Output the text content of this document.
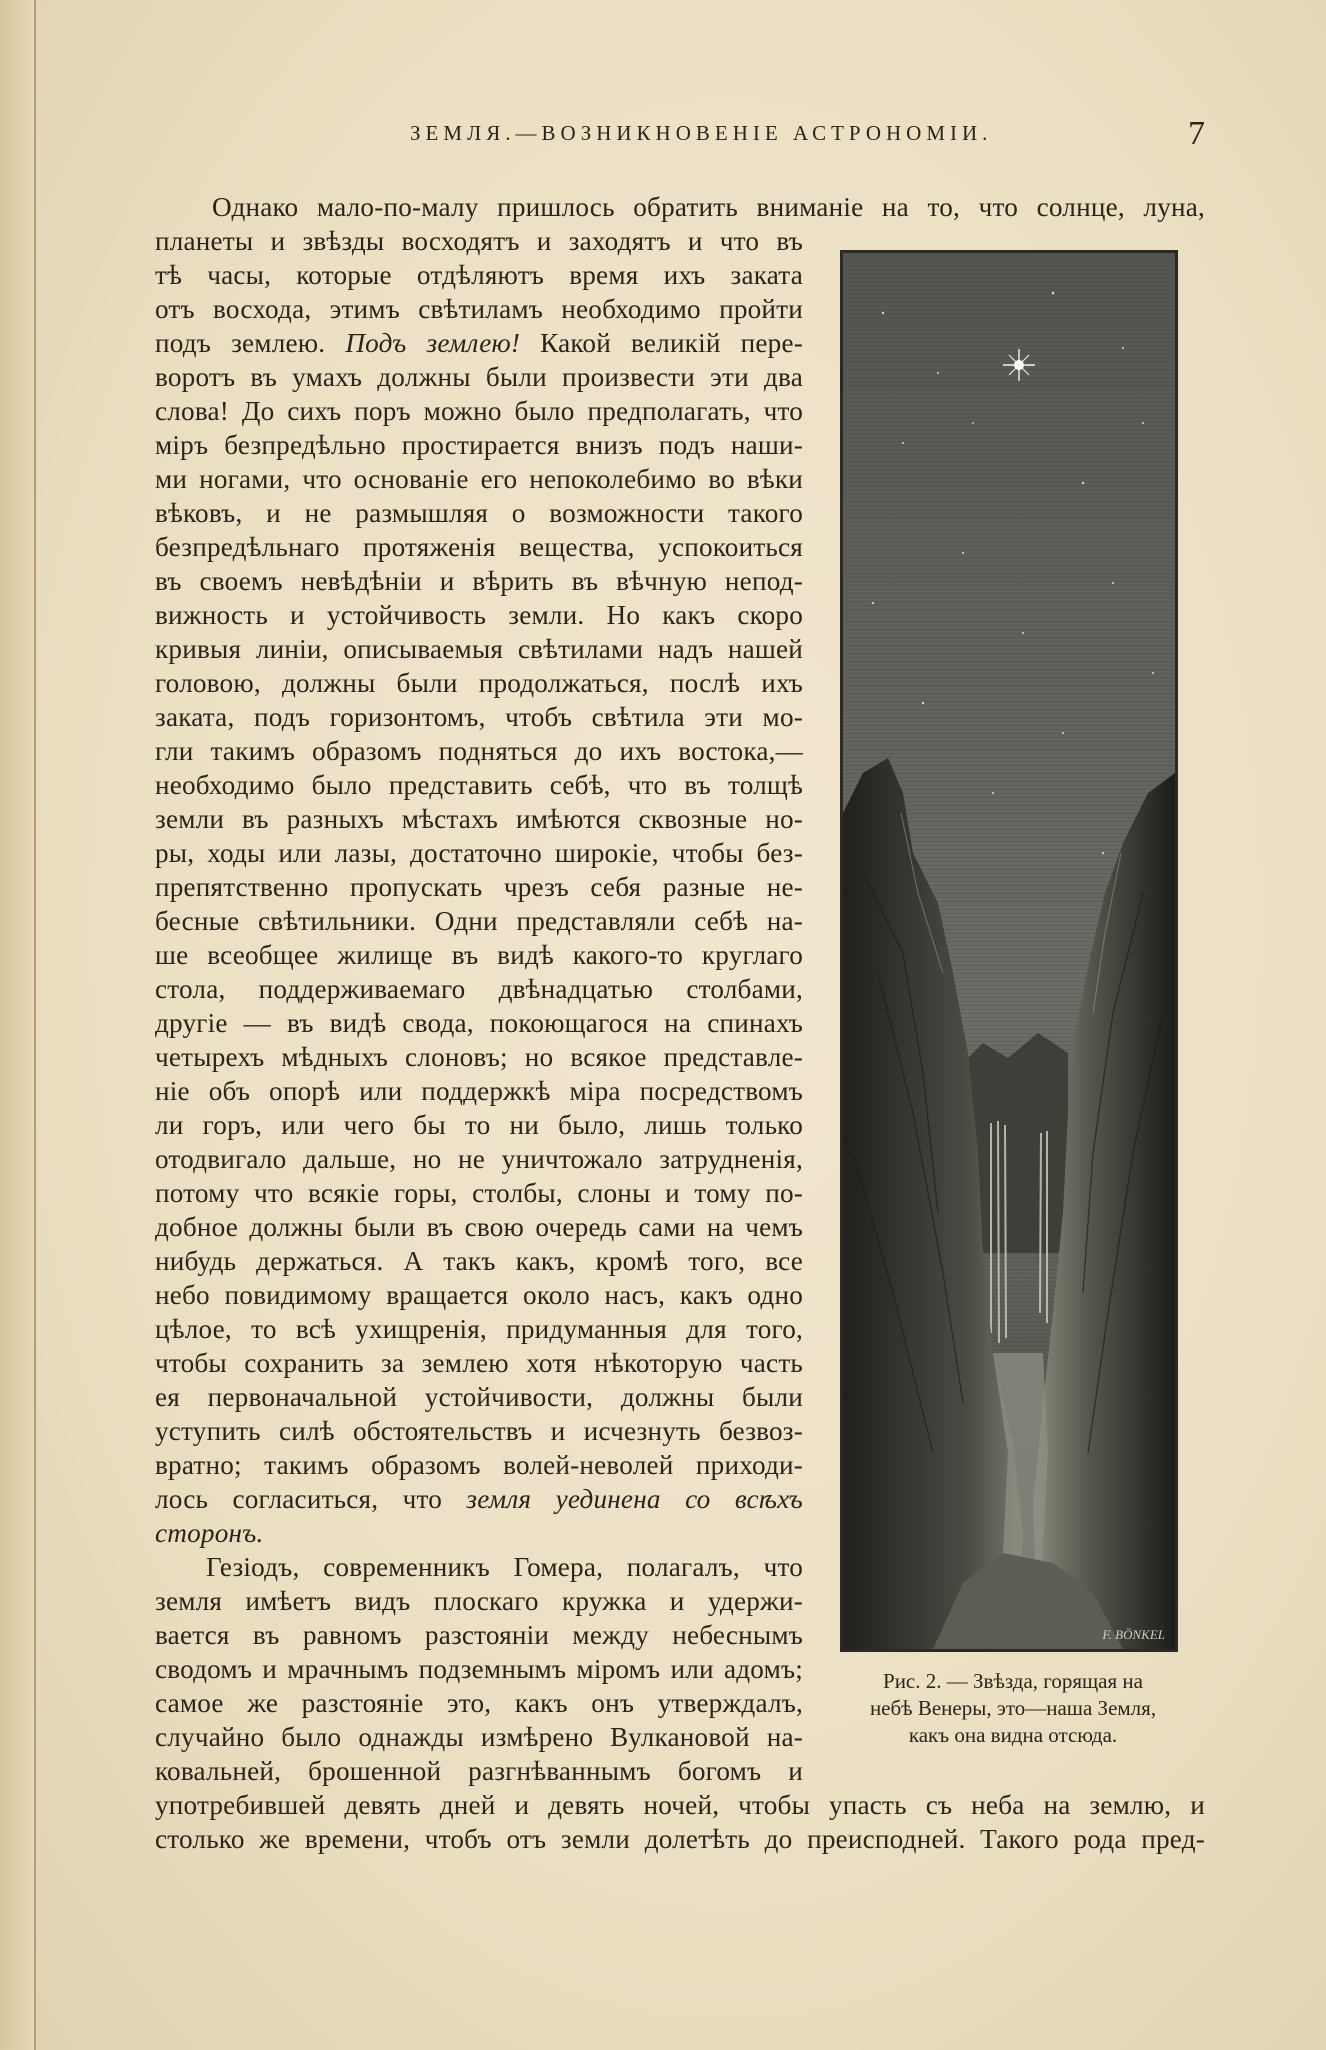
ЗЕМЛЯ.—ВОЗНИКНОВЕНІЕ АСТРОНОМІИ.	7
Однако мало-по-малу пришлось обратить вниманіе на то, что солнце, луна,
планеты и звѣзды восходятъ и заходятъ и что въ
тѣ часы, которые отдѣляютъ время ихъ заката
отъ восхода, этимъ свѣтиламъ необходимо пройти
подъ землею. Подъ землею! Какой великій пере-
воротъ въ умахъ должны были произвести эти два
слова! До сихъ поръ можно было предполагать, что
міръ безпредѣльно простирается внизъ подъ наши-
ми ногами, что основаніе его непоколебимо во вѣки
вѣковъ, и не размышляя о возможности такого
безпредѣльнаго протяженія вещества, успокоиться
въ своемъ невѣдѣніи и вѣрить въ вѣчную непод-
вижность и устойчивость земли. Но какъ скоро
кривыя линіи, описываемыя свѣтилами надъ нашей
головою, должны были продолжаться, послѣ ихъ
заката, подъ горизонтомъ, чтобъ свѣтила эти мо-
гли такимъ образомъ подняться до ихъ востока,—
необходимо было представить себѣ, что въ толщѣ
земли въ разныхъ мѣстахъ имѣются сквозные но-
ры, ходы или лазы, достаточно широкіе, чтобы без-
препятственно пропускать чрезъ себя разные не-
бесные свѣтильники. Одни представляли себѣ на-
ше всеобщее жилище въ видѣ какого-то круглаго
стола, поддерживаемаго двѣнадцатью столбами,
другіе — въ видѣ свода, покоющагося на спинахъ
четырехъ мѣдныхъ слоновъ; но всякое представле-
ніе объ опорѣ или поддержкѣ міра посредствомъ
ли горъ, или чего бы то ни было, лишь только
отодвигало дальше, но не уничтожало затрудненія,
потому что всякіе горы, столбы, слоны и тому по-
добное должны были въ свою очередь сами на чемъ
нибудь держаться. А такъ какъ, кромѣ того, все
небо повидимому вращается около насъ, какъ одно
цѣлое, то всѣ ухищренія, придуманныя для того,
чтобы сохранить за землею хотя нѣкоторую часть
ея первоначальной устойчивости, должны были
уступить силѣ обстоятельствъ и исчезнуть безвоз-
вратно; такимъ образомъ волей-неволей приходи-
лось согласиться, что земля уединена со всѣхъ
сторонъ.
Гезіодъ, современникъ Гомера, полагалъ, что
земля имѣетъ видъ плоскаго кружка и удержи-
вается въ равномъ разстояніи между небеснымъ
сводомъ и мрачнымъ подземнымъ міромъ или адомъ;
самое же разстояніе это, какъ онъ утверждалъ,
случайно было однажды измѣрено Вулкановой на-
ковальней, брошенной разгнѣваннымъ богомъ и
употребившей девять дней и девять ночей, чтобы упасть съ неба на землю, и
столько же времени, чтобъ отъ земли долетѣть до преисподней. Такого рода пред-
F. BÖNKEL
Рис. 2. — Звѣзда, горящая на
небѣ Венеры, это—наша Земля,
какъ она видна отсюда.
